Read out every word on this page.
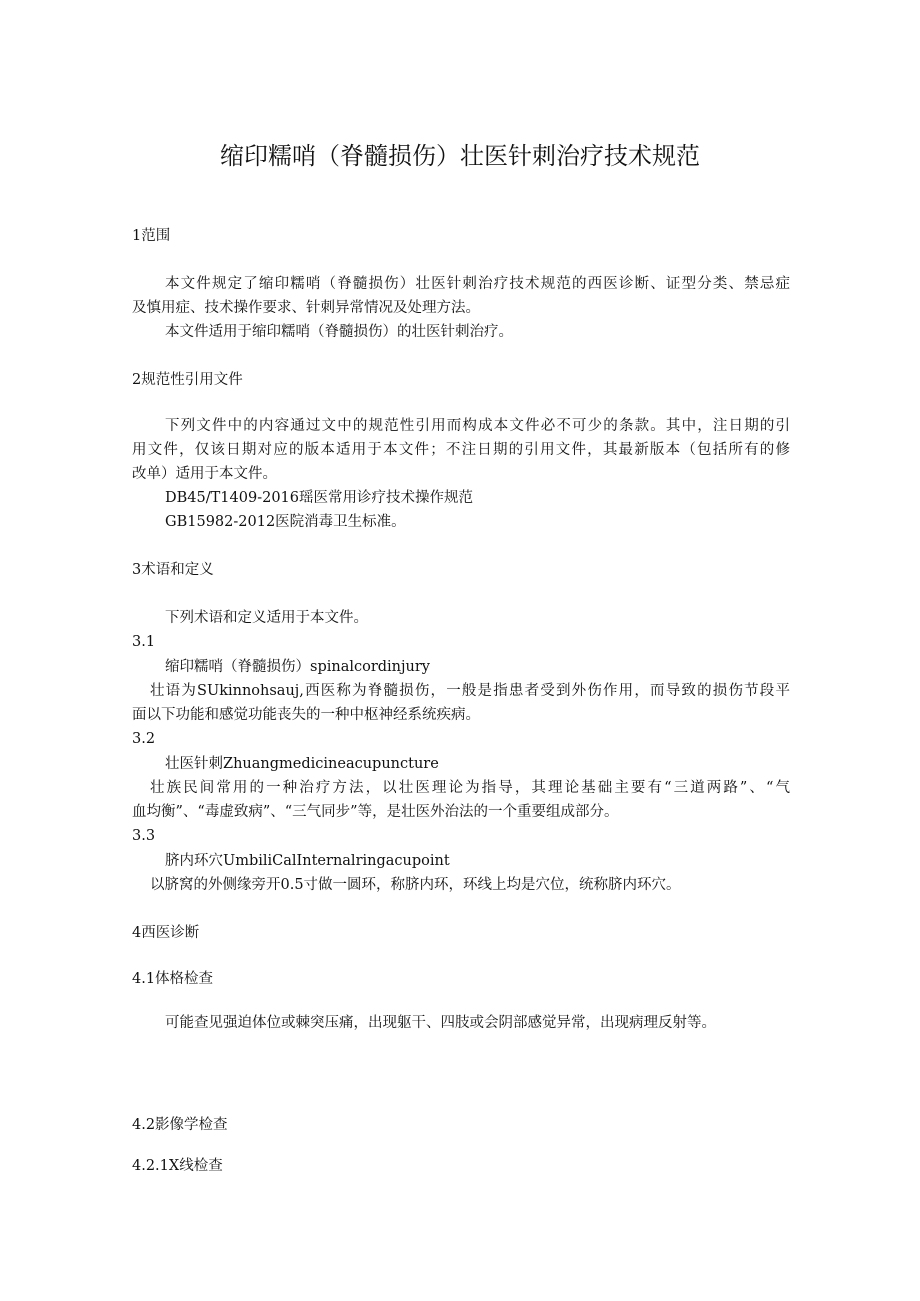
缩印糯哨（脊髓损伤）壮医针刺治疗技术规范
1范围
本文件规定了缩印糯哨（脊髓损伤）壮医针刺治疗技术规范的西医诊断、证型分类、禁忌症
及慎用症、技术操作要求、针刺异常情况及处理方法。
本文件适用于缩印糯哨（脊髓损伤）的壮医针刺治疗。
2规范性引用文件
下列文件中的内容通过文中的规范性引用而构成本文件必不可少的条款。其中，注日期的引
用文件，仅该日期对应的版本适用于本文件；不注日期的引用文件，其最新版本（包括所有的修
改单）适用于本文件。
DB45/T1409-2016瑶医常用诊疗技术操作规范
GB15982-2012医院消毒卫生标准。
3术语和定义
下列术语和定义适用于本文件。
3.1
缩印糯哨（脊髓损伤）spinalcordinjury
壮语为SUkinnohsauj,西医称为脊髓损伤，一般是指患者受到外伤作用，而导致的损伤节段平
面以下功能和感觉功能丧失的一种中枢神经系统疾病。
3.2
壮医针刺Zhuangmedicineacupuncture
壮族民间常用的一种治疗方法，以壮医理论为指导，其理论基础主要有“三道两路”、“气
血均衡”、“毒虚致病”、“三气同步”等，是壮医外治法的一个重要组成部分。
3.3
脐内环穴UmbiliCalInternalringacupoint
以脐窝的外侧缘旁开0.5寸做一圆环，称脐内环，环线上均是穴位，统称脐内环穴。
4西医诊断
4.1体格检查
可能查见强迫体位或棘突压痛，出现躯干、四肢或会阴部感觉异常，出现病理反射等。
4.2影像学检查
4.2.1X线检查
